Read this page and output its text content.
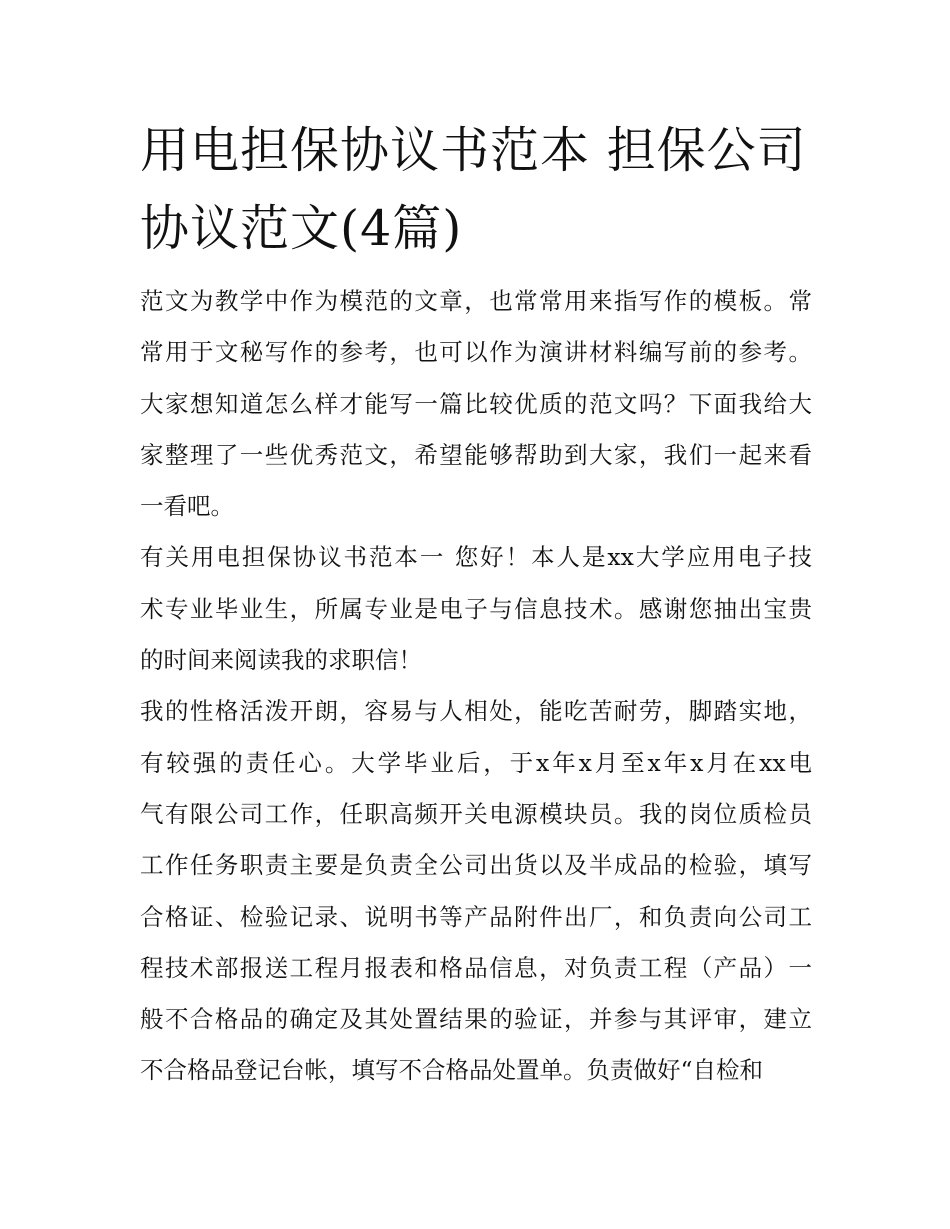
用电担保协议书范本 担保公司协议范文(4篇)
范文为教学中作为模范的文章，也常常用来指写作的模板。常
常用于文秘写作的参考，也可以作为演讲材料编写前的参考。
大家想知道怎么样才能写一篇比较优质的范文吗？下面我给大
家整理了一些优秀范文，希望能够帮助到大家，我们一起来看
一看吧。
有关用电担保协议书范本一 您好！本人是xx大学应用电子技
术专业毕业生，所属专业是电子与信息技术。感谢您抽出宝贵
的时间来阅读我的求职信！
我的性格活泼开朗，容易与人相处，能吃苦耐劳，脚踏实地，
有较强的责任心。大学毕业后，于x年x月至x年x月在xx电
气有限公司工作，任职高频开关电源模块员。我的岗位质检员
工作任务职责主要是负责全公司出货以及半成品的检验，填写
合格证、检验记录、说明书等产品附件出厂，和负责向公司工
程技术部报送工程月报表和格品信息，对负责工程（产品）一
般不合格品的确定及其处置结果的验证，并参与其评审，建立
不合格品登记台帐，填写不合格品处置单。负责做好“自检和
